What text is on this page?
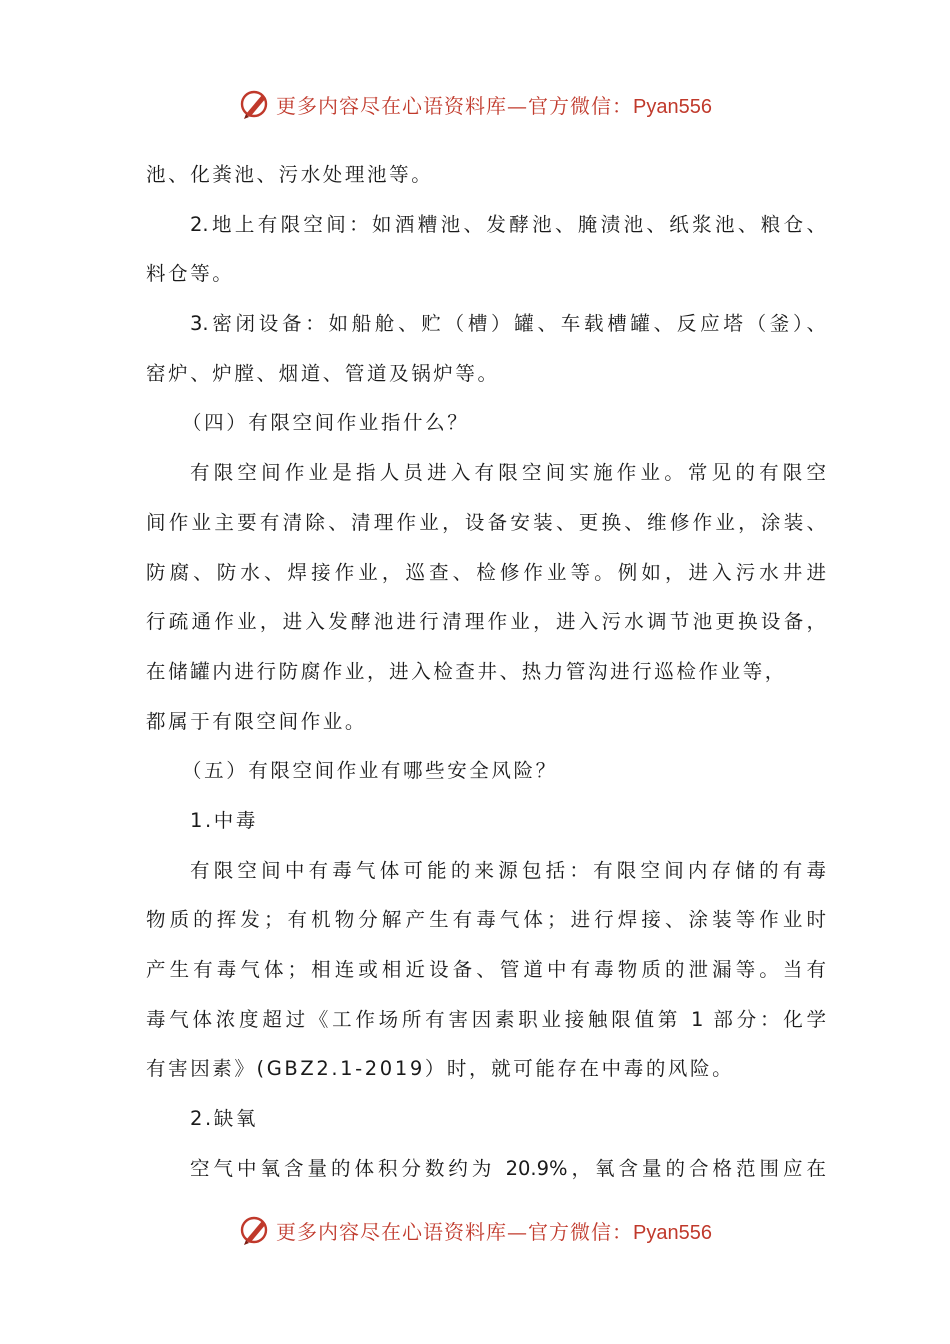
更多内容尽在心语资料库—官方微信：Pyan556
池、化粪池、污水处理池等。
2.地上有限空间：如酒糟池、发酵池、腌渍池、纸浆池、粮仓、
料仓等。
3.密闭设备：如船舱、贮（槽）罐、车载槽罐、反应塔（釜）、
窑炉、炉膛、烟道、管道及锅炉等。
（四）有限空间作业指什么？
有限空间作业是指人员进入有限空间实施作业。常见的有限空
间作业主要有清除、清理作业，设备安装、更换、维修作业，涂装、
防腐、防水、焊接作业，巡查、检修作业等。例如，进入污水井进
行疏通作业，进入发酵池进行清理作业，进入污水调节池更换设备，
在储罐内进行防腐作业，进入检查井、热力管沟进行巡检作业等，
都属于有限空间作业。
（五）有限空间作业有哪些安全风险？
1.中毒
有限空间中有毒气体可能的来源包括：有限空间内存储的有毒
物质的挥发；有机物分解产生有毒气体；进行焊接、涂装等作业时
产生有毒气体；相连或相近设备、管道中有毒物质的泄漏等。当有
毒气体浓度超过《工作场所有害因素职业接触限值第 1 部分：化学
有害因素》(GBZ2.1-2019）时，就可能存在中毒的风险。
2.缺氧
空气中氧含量的体积分数约为 20.9%，氧含量的合格范围应在
更多内容尽在心语资料库—官方微信：Pyan556
